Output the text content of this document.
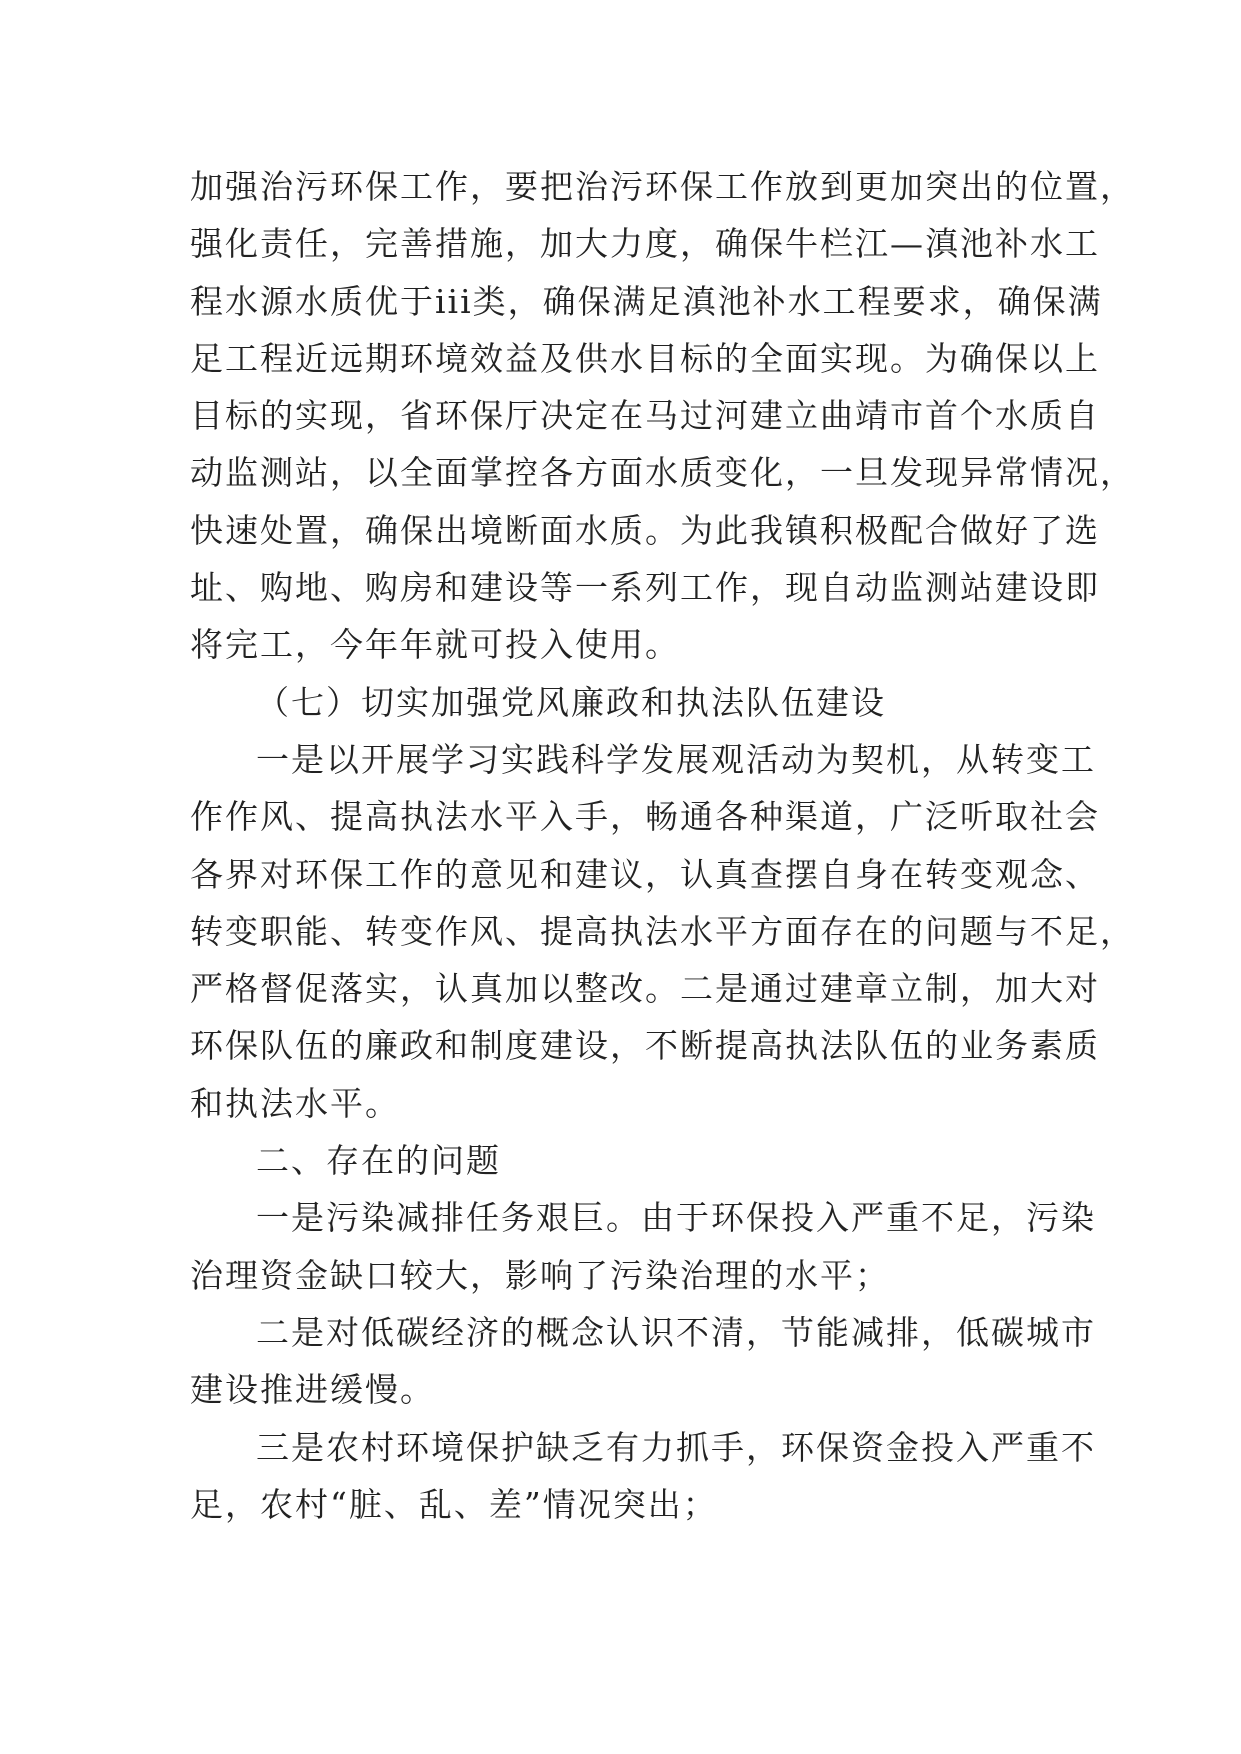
加强治污环保工作，要把治污环保工作放到更加突出的位置，
强化责任，完善措施，加大力度，确保牛栏江—滇池补水工
程水源水质优于iii类，确保满足滇池补水工程要求，确保满
足工程近远期环境效益及供水目标的全面实现。为确保以上
目标的实现，省环保厅决定在马过河建立曲靖市首个水质自
动监测站，以全面掌控各方面水质变化，一旦发现异常情况，
快速处置，确保出境断面水质。为此我镇积极配合做好了选
址、购地、购房和建设等一系列工作，现自动监测站建设即
将完工，今年年就可投入使用。
（七）切实加强党风廉政和执法队伍建设
一是以开展学习实践科学发展观活动为契机，从转变工
作作风、提高执法水平入手，畅通各种渠道，广泛听取社会
各界对环保工作的意见和建议，认真查摆自身在转变观念、
转变职能、转变作风、提高执法水平方面存在的问题与不足，
严格督促落实，认真加以整改。二是通过建章立制，加大对
环保队伍的廉政和制度建设，不断提高执法队伍的业务素质
和执法水平。
二、存在的问题
一是污染减排任务艰巨。由于环保投入严重不足，污染
治理资金缺口较大，影响了污染治理的水平；
二是对低碳经济的概念认识不清，节能减排，低碳城市
建设推进缓慢。
三是农村环境保护缺乏有力抓手，环保资金投入严重不
足，农村“脏、乱、差”情况突出；
